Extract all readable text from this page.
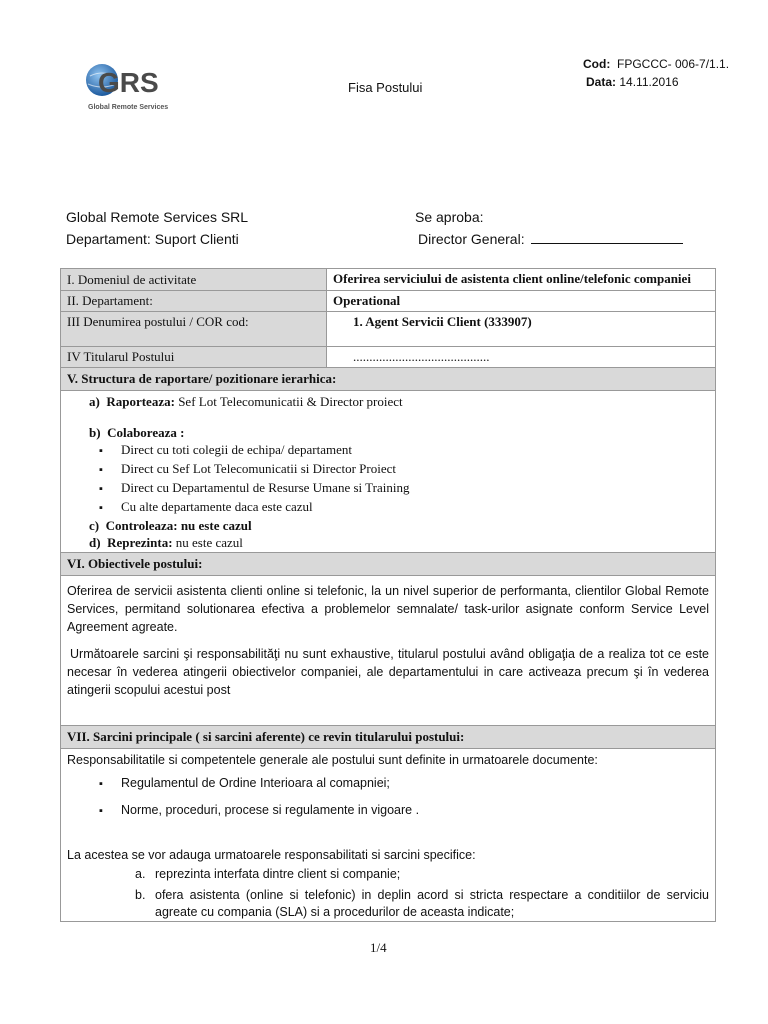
GRS
Global Remote Services
Fisa Postului
Cod: FPGCCC- 006-7/1.1.
Data: 14.11.2016
Global Remote Services SRL
Departament: Suport Clienti
Se aproba:
Director General:
I. Domeniul de activitate	Oferirea serviciului de asistenta client online/telefonic companiei
II. Departament:	Operational
III Denumirea postului / COR cod:	1. Agent Servicii Client (333907)
IV Titularul Postului	..........................................
V. Structura de raportare/ pozitionare ierarhica:
a) Raporteaza: Sef Lot Telecomunicatii & Director proiect
b) Colaboreaza :
▪ Direct cu toti colegii de echipa/ departament
▪ Direct cu Sef Lot Telecomunicatii si Director Proiect
▪ Direct cu Departamentul de Resurse Umane si Training
▪ Cu alte departamente daca este cazul
c) Controleaza: nu este cazul
d) Reprezinta: nu este cazul
VI. Obiectivele postului:

Oferirea de servicii asistenta clienti online si telefonic, la un nivel superior de performanta, clientilor Global Remote Services, permitand solutionarea efectiva a problemelor semnalate/ task-urilor asignate conform Service Level Agreement agreate.

Următoarele sarcini şi responsabilităţi nu sunt exhaustive, titularul postului având obligaţia de a realiza tot ce este necesar în vederea atingerii obiectivelor companiei, ale departamentului in care activeaza precum şi în vederea atingerii scopului acestui post

VII. Sarcini principale ( si sarcini aferente) ce revin titularului postului:
Responsabilitatile si competentele generale ale postului sunt definite in urmatoarele documente:
▪ Regulamentul de Ordine Interioara al comapniei;
▪ Norme, proceduri, procese si regulamente in vigoare .
La acestea se vor adauga urmatoarele responsabilitati si sarcini specifice:
a. reprezinta interfata dintre client si companie;
b. ofera asistenta (online si telefonic) in deplin acord si stricta respectare a conditiilor de serviciu agreate cu compania (SLA) si a procedurilor de aceasta indicate;
1/4
